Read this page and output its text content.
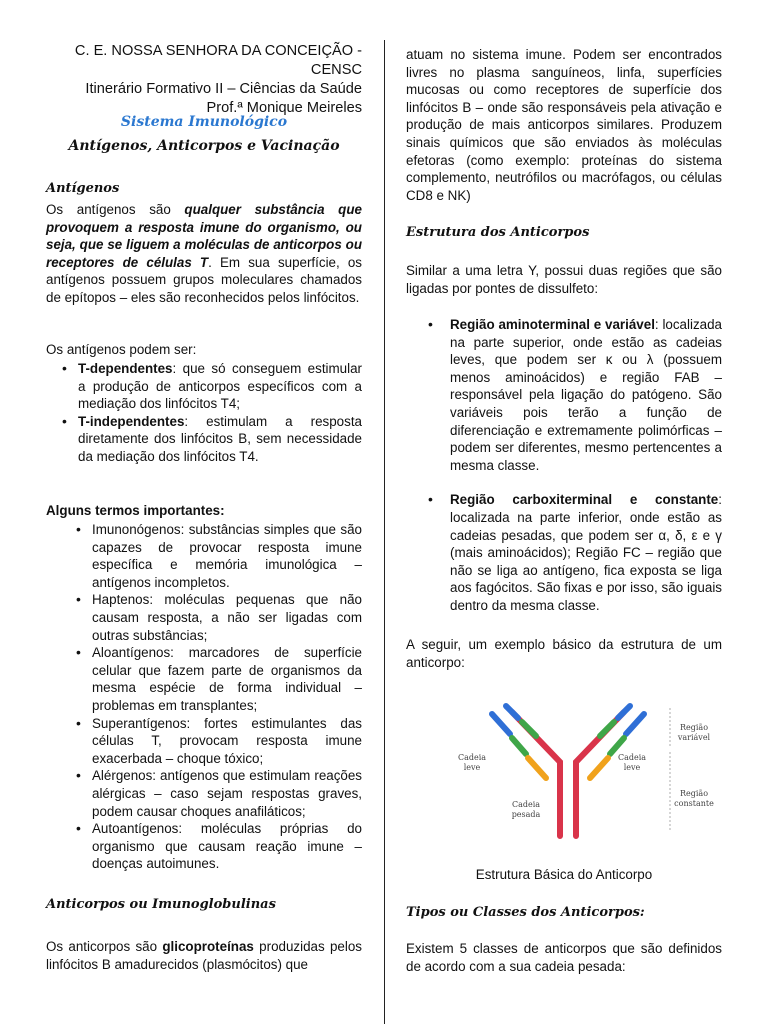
C. E. NOSSA SENHORA DA CONCEIÇÃO - CENSC
Itinerário Formativo II – Ciências da Saúde
Prof.ª Monique Meireles
Sistema Imunológico
Antígenos, Anticorpos e Vacinação
Antígenos
Os antígenos são qualquer substância que provoquem a resposta imune do organismo, ou seja, que se liguem a moléculas de anticorpos ou receptores de células T. Em sua superfície, os antígenos possuem grupos moleculares chamados de epítopos – eles são reconhecidos pelos linfócitos.
Os antígenos podem ser:
• T-dependentes: que só conseguem estimular a produção de anticorpos específicos com a mediação dos linfócitos T4;
• T-independentes: estimulam a resposta diretamente dos linfócitos B, sem necessidade da mediação dos linfócitos T4.
Alguns termos importantes:
• Imunonógenos: substâncias simples que são capazes de provocar resposta imune específica e memória imunológica – antígenos incompletos.
• Haptenos: moléculas pequenas que não causam resposta, a não ser ligadas com outras substâncias;
• Aloantígenos: marcadores de superfície celular que fazem parte de organismos da mesma espécie de forma individual – problemas em transplantes;
• Superantígenos: fortes estimulantes das células T, provocam resposta imune exacerbada – choque tóxico;
• Alérgenos: antígenos que estimulam reações alérgicas – caso sejam respostas graves, podem causar choques anafiláticos;
• Autoantígenos: moléculas próprias do organismo que causam reação imune – doenças autoimunes.
Anticorpos ou Imunoglobulinas
Os anticorpos são glicoproteínas produzidas pelos linfócitos B amadurecidos (plasmócitos) que
atuam no sistema imune. Podem ser encontrados livres no plasma sanguíneos, linfa, superfícies mucosas ou como receptores de superfície dos linfócitos B – onde são responsáveis pela ativação e produção de mais anticorpos similares. Produzem sinais químicos que são enviados às moléculas efetoras (como exemplo: proteínas do sistema complemento, neutrófilos ou macrófagos, ou células CD8 e NK)
Estrutura dos Anticorpos
Similar a uma letra Y, possui duas regiões que são ligadas por pontes de dissulfeto:
• Região aminoterminal e variável: localizada na parte superior, onde estão as cadeias leves, que podem ser κ ou λ (possuem menos aminoácidos) e região FAB – responsável pela ligação do patógeno. São variáveis pois terão a função de diferenciação e extremamente polimórficas – podem ser diferentes, mesmo pertencentes a mesma classe.
• Região carboxiterminal e constante: localizada na parte inferior, onde estão as cadeias pesadas, que podem ser α, δ, ε e γ (mais aminoácidos); Região FC – região que não se liga ao antígeno, fica exposta se liga aos fagócitos. São fixas e por isso, são iguais dentro da mesma classe.
A seguir, um exemplo básico da estrutura de um anticorpo:
Estrutura Básica do Anticorpo
Tipos ou Classes dos Anticorpos:
Existem 5 classes de anticorpos que são definidos de acordo com a sua cadeia pesada:
Cadeia
leve
Cadeia
leve
Cadeia
pesada
Região
variável
Região
constante
